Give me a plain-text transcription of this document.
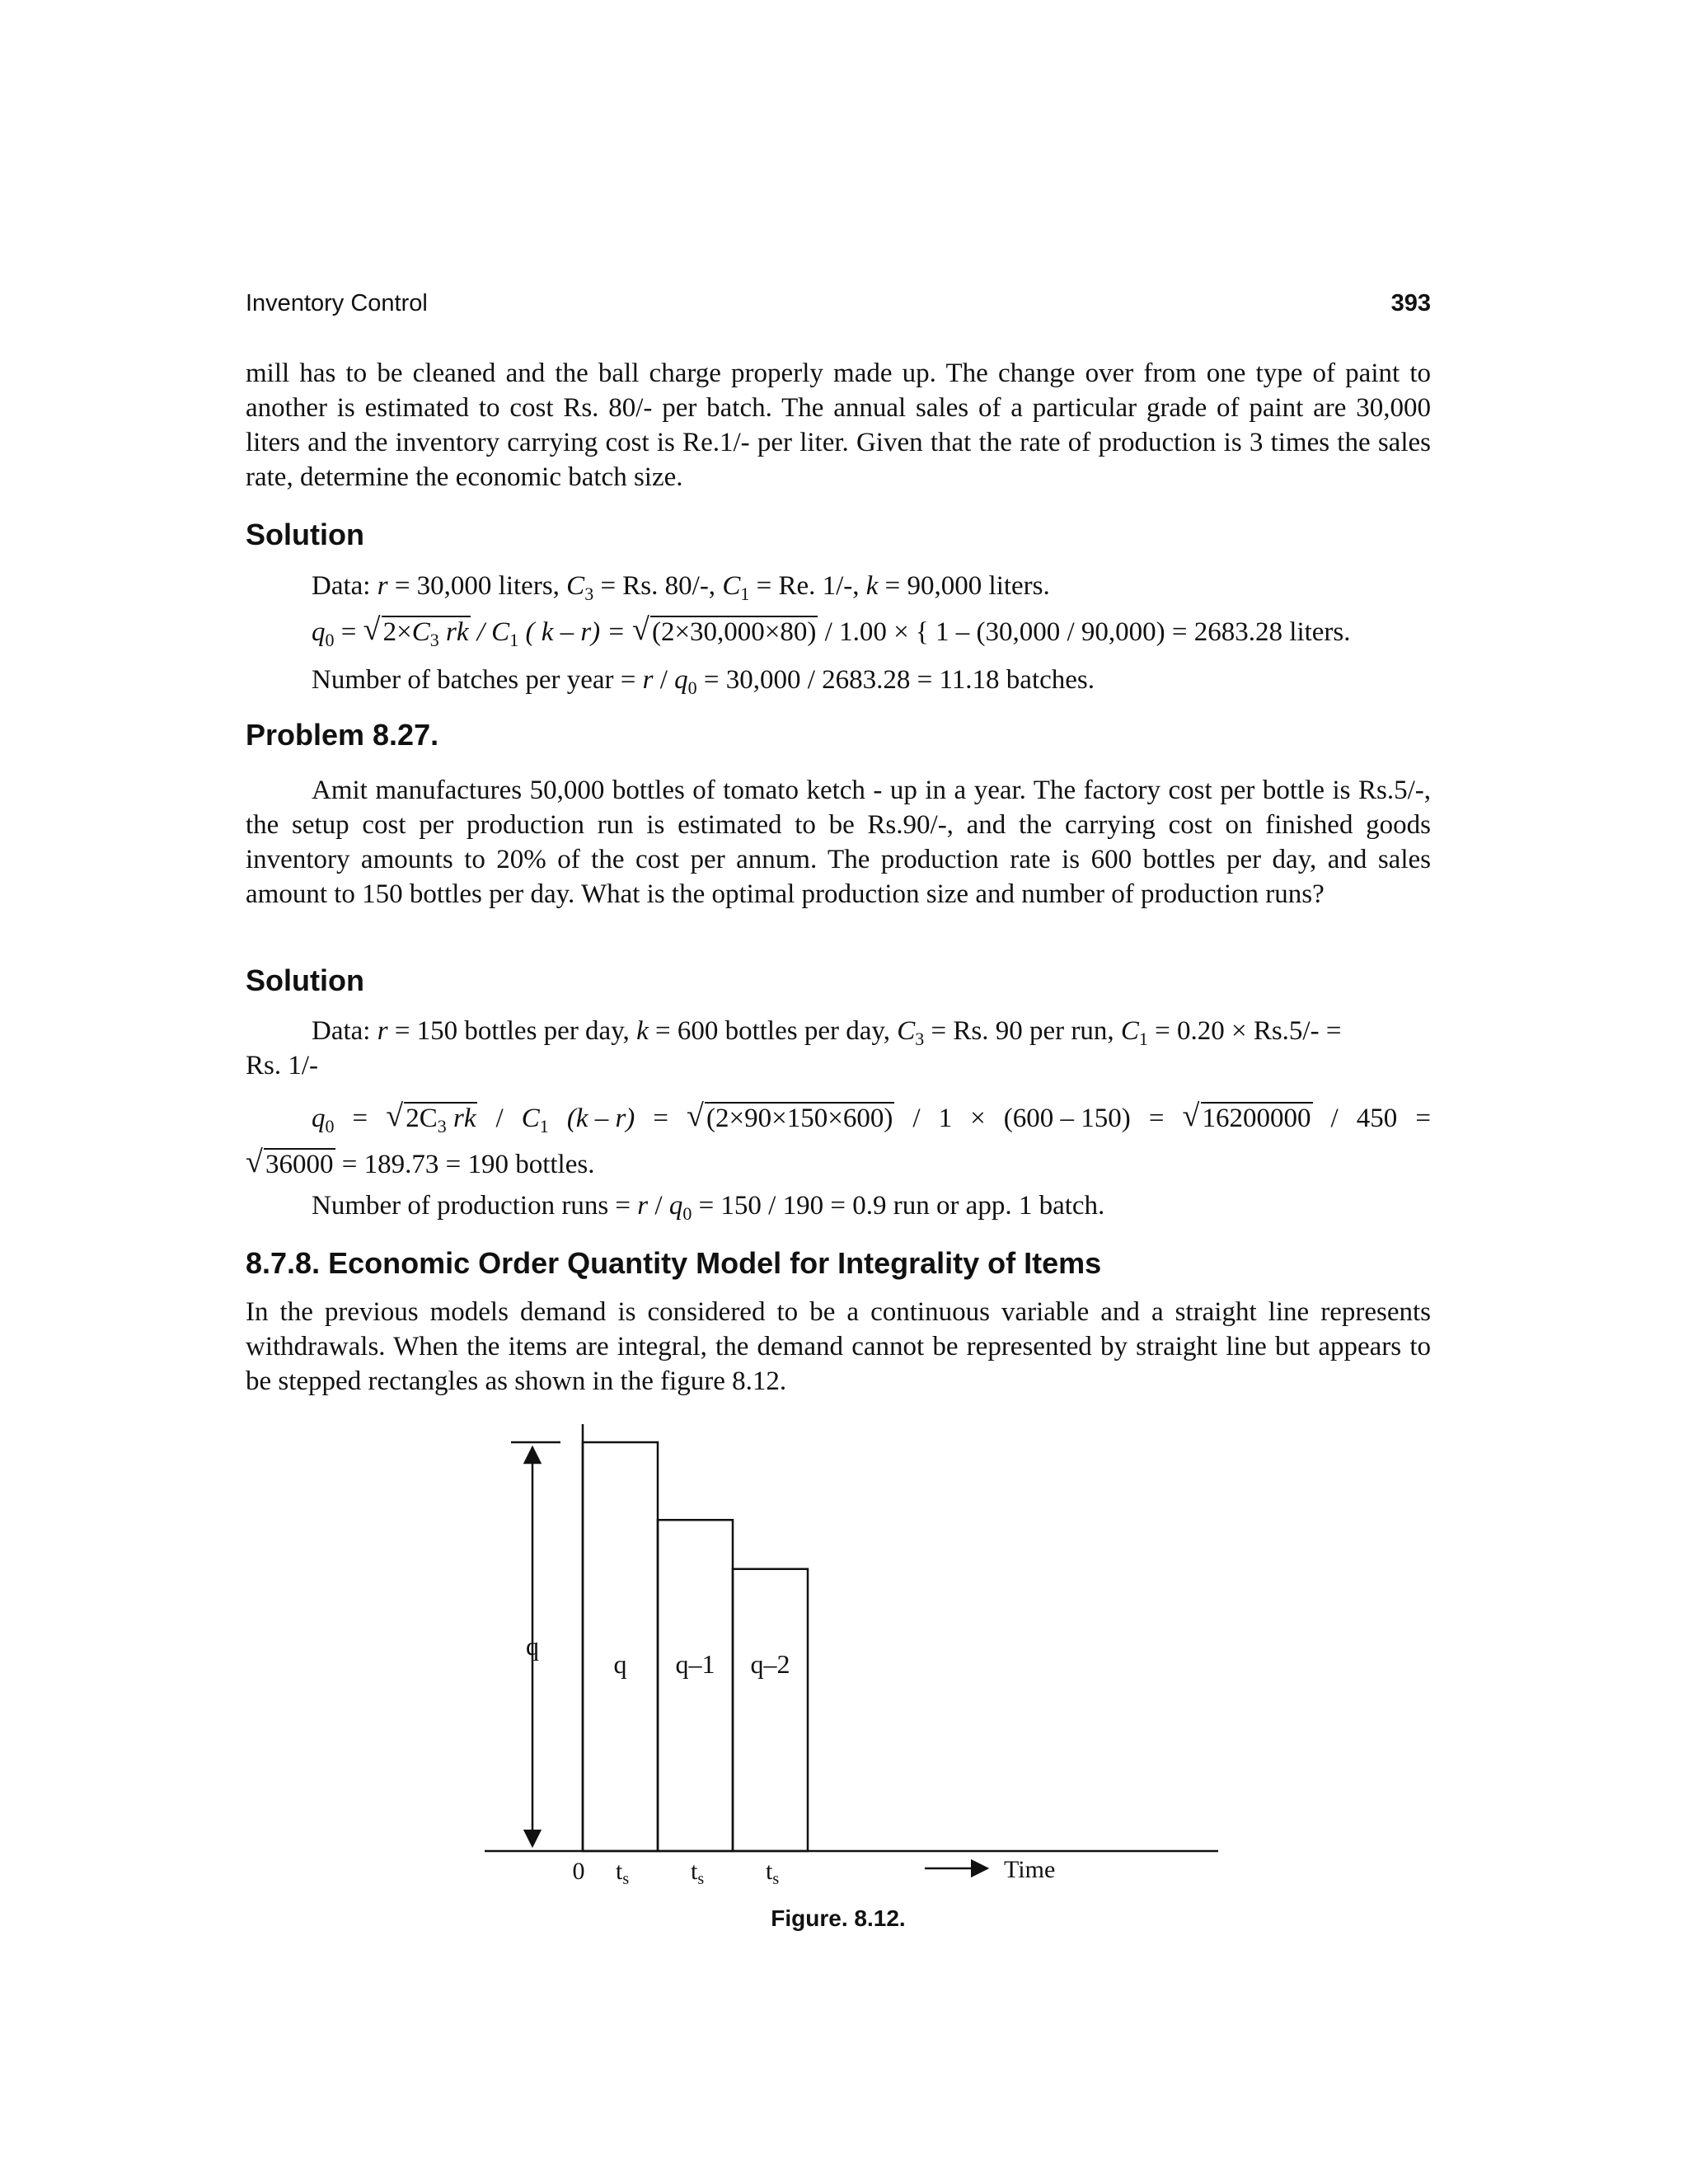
Inventory Control	393

mill has to be cleaned and the ball charge properly made up. The change over from one type of paint to another is estimated to cost Rs. 80/- per batch. The annual sales of a particular grade of paint are 30,000 liters and the inventory carrying cost is Re.1/- per liter. Given that the rate of production is 3 times the sales rate, determine the economic batch size.

Solution
Data: r = 30,000 liters, $C_3 = Rs$. 80/-, $C_1 = Re$. 1/-, k = 90,000 liters.
$q_0$ = √ $2\times C_3$ rk / $C_1$ ( k – r) = √ (2×30,000×80) / 1.00 × { 1 – (30,000 / 90,000) = 2683.28 liters.
Number of batches per year = $r / q_0 = 30,000 / 2683.28 = 11.18$ batches.
Problem 8.27.

Amit manufactures 50,000 bottles of tomato ketch - up in a year. The factory cost per bottle is Rs.5/-, the setup cost per production run is estimated to be Rs.90/-, and the carrying cost on finished goods inventory amounts to 20% of the cost per annum. The production rate is 600 bottles per day, and sales amount to 150 bottles per day. What is the optimal production size and number of production runs?

Solution
Data: r = 150 bottles per day, k = 600 bottles per day, $C_3 = Rs$. 90 per run, $C_1 = 0.20 \times Rs.5/-$ =
Rs. 1/-
$q_0$ =	√ $2C_3$ rk / $C_1$ (k – r) =	√ (2×90×150×600) / 1 × (600 – 150) =	√ 16200000 / 450 =
√ 36000 = 189.73 = 190 bottles.
Number of production runs = $r / q_0 = 150 / 190 = 0.9$ run or app. 1 batch.
8.7.8. Economic Order Quantity Model for Integrality of Items

In the previous models demand is considered to be a continuous variable and a straight line represents withdrawals. When the items are integral, the demand cannot be represented by straight line but appears to be stepped rectangles as shown in the figure 8.12.

q
0	Time
q
$t_s$
q–1
$t_s$
q–2
$t_s$
Figure. 8.12.
